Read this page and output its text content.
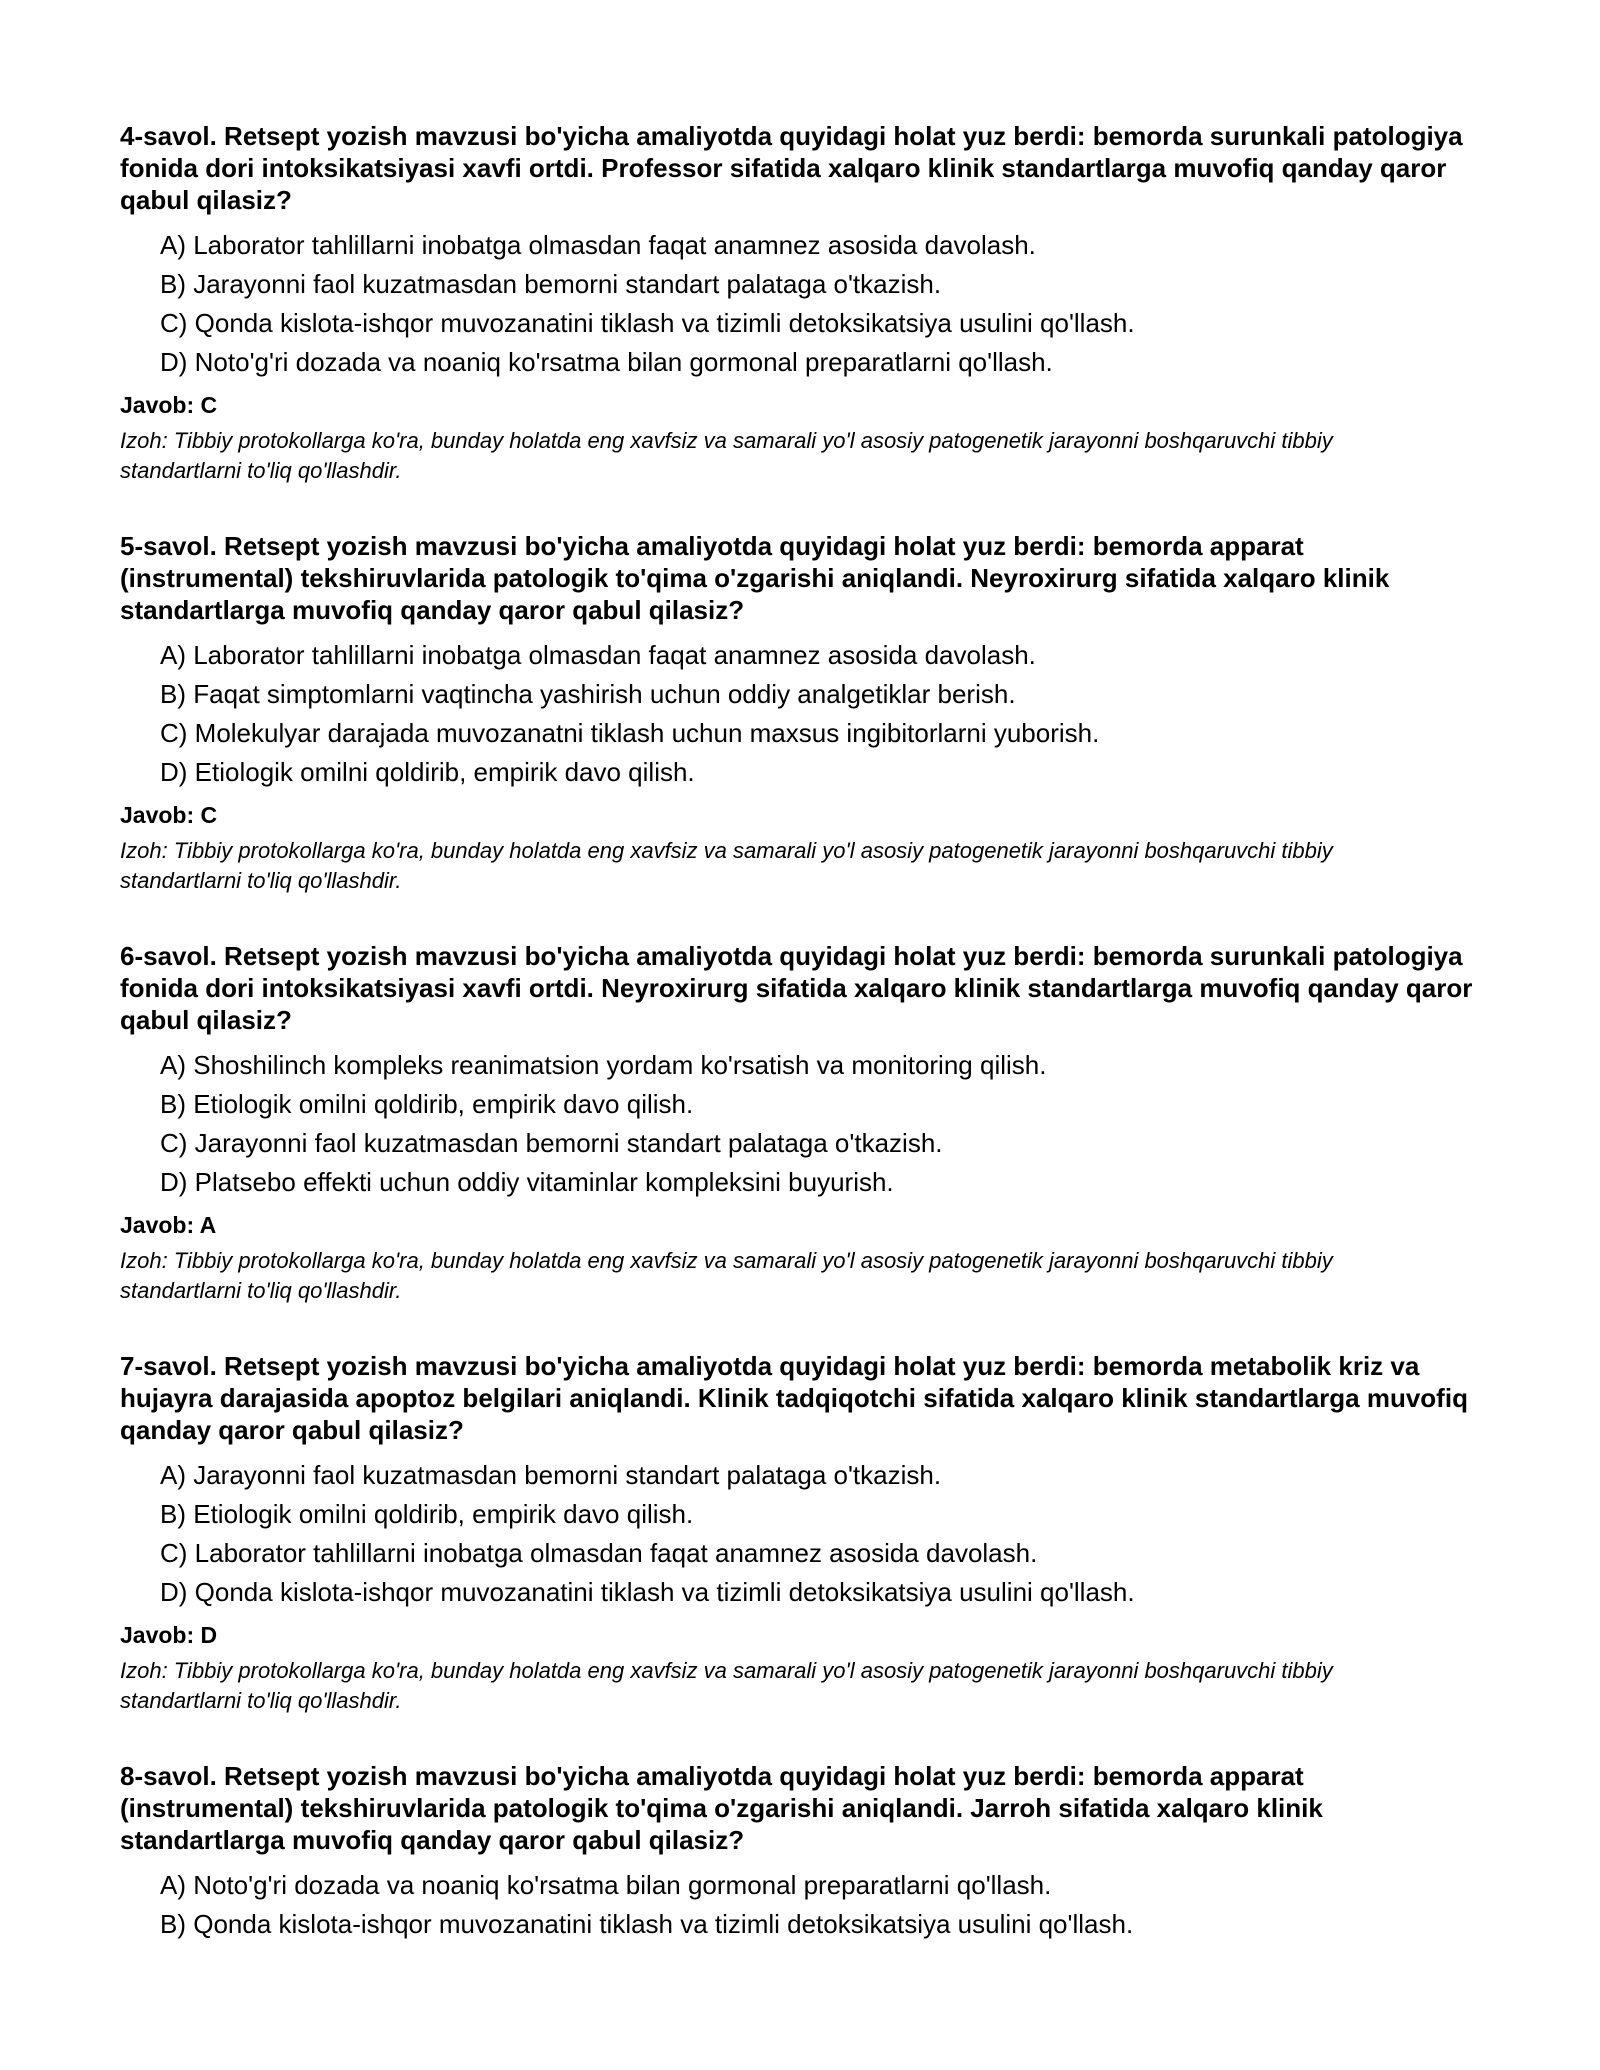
4-savol. Retsept yozish mavzusi bo'yicha amaliyotda quyidagi holat yuz berdi: bemorda surunkali patologiya fonida dori intoksikatsiyasi xavfi ortdi. Professor sifatida xalqaro klinik standartlarga muvofiq qanday qaror qabul qilasiz?

A) Laborator tahlillarni inobatga olmasdan faqat anamnez asosida davolash.
B) Jarayonni faol kuzatmasdan bemorni standart palataga o'tkazish.
C) Qonda kislota-ishqor muvozanatini tiklash va tizimli detoksikatsiya usulini qo'llash.
D) Noto'g'ri dozada va noaniq ko'rsatma bilan gormonal preparatlarni qo'llash.

Javob: C

Izoh: Tibbiy protokollarga ko'ra, bunday holatda eng xavfsiz va samarali yo'l asosiy patogenetik jarayonni boshqaruvchi tibbiy standartlarni to'liq qo'llashdir.

5-savol. Retsept yozish mavzusi bo'yicha amaliyotda quyidagi holat yuz berdi: bemorda apparat (instrumental) tekshiruvlarida patologik to'qima o'zgarishi aniqlandi. Neyroxirurg sifatida xalqaro klinik standartlarga muvofiq qanday qaror qabul qilasiz?

A) Laborator tahlillarni inobatga olmasdan faqat anamnez asosida davolash.
B) Faqat simptomlarni vaqtincha yashirish uchun oddiy analgetiklar berish.
C) Molekulyar darajada muvozanatni tiklash uchun maxsus ingibitorlarni yuborish.
D) Etiologik omilni qoldirib, empirik davo qilish.

Javob: C

Izoh: Tibbiy protokollarga ko'ra, bunday holatda eng xavfsiz va samarali yo'l asosiy patogenetik jarayonni boshqaruvchi tibbiy standartlarni to'liq qo'llashdir.

6-savol. Retsept yozish mavzusi bo'yicha amaliyotda quyidagi holat yuz berdi: bemorda surunkali patologiya fonida dori intoksikatsiyasi xavfi ortdi. Neyroxirurg sifatida xalqaro klinik standartlarga muvofiq qanday qaror qabul qilasiz?

A) Shoshilinch kompleks reanimatsion yordam ko'rsatish va monitoring qilish.
B) Etiologik omilni qoldirib, empirik davo qilish.
C) Jarayonni faol kuzatmasdan bemorni standart palataga o'tkazish.
D) Platsebo effekti uchun oddiy vitaminlar kompleksini buyurish.

Javob: A

Izoh: Tibbiy protokollarga ko'ra, bunday holatda eng xavfsiz va samarali yo'l asosiy patogenetik jarayonni boshqaruvchi tibbiy standartlarni to'liq qo'llashdir.

7-savol. Retsept yozish mavzusi bo'yicha amaliyotda quyidagi holat yuz berdi: bemorda metabolik kriz va hujayra darajasida apoptoz belgilari aniqlandi. Klinik tadqiqotchi sifatida xalqaro klinik standartlarga muvofiq qanday qaror qabul qilasiz?

A) Jarayonni faol kuzatmasdan bemorni standart palataga o'tkazish.
B) Etiologik omilni qoldirib, empirik davo qilish.
C) Laborator tahlillarni inobatga olmasdan faqat anamnez asosida davolash.
D) Qonda kislota-ishqor muvozanatini tiklash va tizimli detoksikatsiya usulini qo'llash.

Javob: D

Izoh: Tibbiy protokollarga ko'ra, bunday holatda eng xavfsiz va samarali yo'l asosiy patogenetik jarayonni boshqaruvchi tibbiy standartlarni to'liq qo'llashdir.

8-savol. Retsept yozish mavzusi bo'yicha amaliyotda quyidagi holat yuz berdi: bemorda apparat (instrumental) tekshiruvlarida patologik to'qima o'zgarishi aniqlandi. Jarroh sifatida xalqaro klinik standartlarga muvofiq qanday qaror qabul qilasiz?

A) Noto'g'ri dozada va noaniq ko'rsatma bilan gormonal preparatlarni qo'llash.
B) Qonda kislota-ishqor muvozanatini tiklash va tizimli detoksikatsiya usulini qo'llash.
